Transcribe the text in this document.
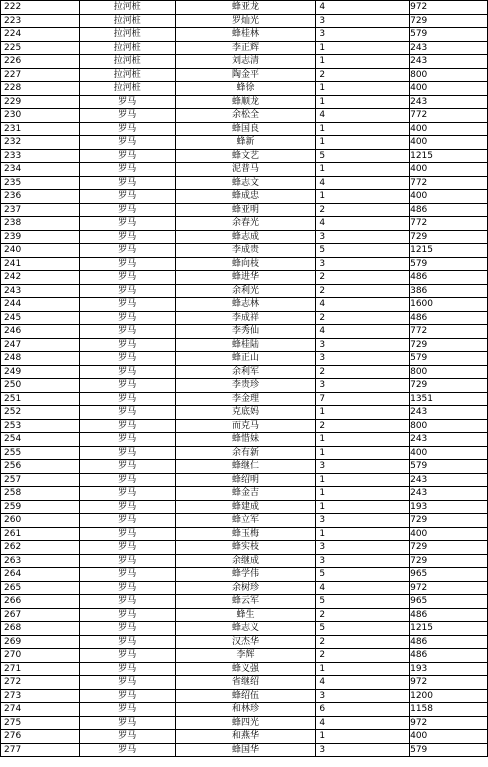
222	拉河桩	蜂亚龙	4	972
223	拉河桩	罗灿光	3	729
224	拉河桩	蜂桂林	3	579
225	拉河桩	李正辉	1	243
226	拉河桩	刘志清	1	243
227	拉河桩	陶金平	2	800
228	拉河桩	蜂徐	1	400
229	罗马	蜂顺龙	1	243
230	罗马	余松全	4	772
231	罗马	蜂国良	1	400
232	罗马	蜂新	1	400
233	罗马	蜂文艺	5	1215
234	罗马	泥普马	1	400
235	罗马	蜂志文	4	772
236	罗马	蜂成忠	1	400
237	罗马	蜂亚明	2	486
238	罗马	余春光	4	772
239	罗马	蜂志成	3	729
240	罗马	李成贵	5	1215
241	罗马	蜂向枝	3	579
242	罗马	蜂进华	2	486
243	罗马	余利光	2	386
244	罗马	蜂志林	4	1600
245	罗马	李成祥	2	486
246	罗马	李秀仙	4	772
247	罗马	蜂桂陆	3	729
248	罗马	蜂正山	3	579
249	罗马	余利军	2	800
250	罗马	李贵珍	3	729
251	罗马	李金理	7	1351
252	罗马	克底妈	1	243
253	罗马	而克马	2	800
254	罗马	蜂惜妹	1	243
255	罗马	余有新	1	400
256	罗马	蜂继仁	3	579
257	罗马	蜂绍明	1	243
258	罗马	蜂金吉	1	243
259	罗马	蜂建成	1	193
260	罗马	蜂立军	3	729
261	罗马	蜂玉梅	1	400
262	罗马	蜂实枝	3	729
263	罗马	余继成	3	729
264	罗马	蜂学伟	5	965
265	罗马	余树珍	4	972
266	罗马	蜂云军	5	965
267	罗马	蜂生	2	486
268	罗马	蜂志义	5	1215
269	罗马	汉杰华	2	486
270	罗马	李辉	2	486
271	罗马	蜂义强	1	193
272	罗马	省继绍	4	972
273	罗马	蜂绍伍	3	1200
274	罗马	和林珍	6	1158
275	罗马	蜂四光	4	972
276	罗马	和燕华	1	400
277	罗马	蜂国华	3	579
